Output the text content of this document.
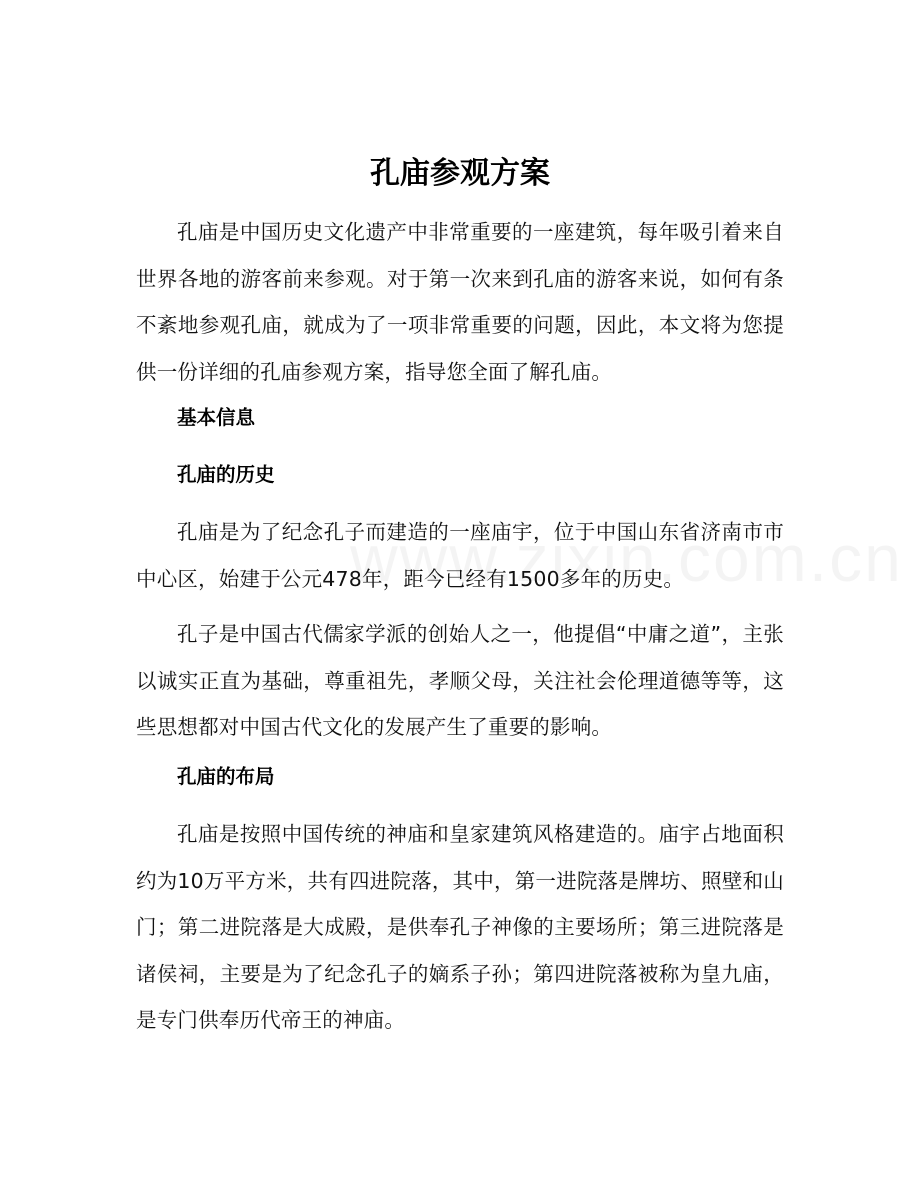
孔庙参观方案

孔庙是中国历史文化遗产中非常重要的一座建筑，每年吸引着来自世界各地的游客前来参观。对于第一次来到孔庙的游客来说，如何有条不紊地参观孔庙，就成为了一项非常重要的问题，因此，本文将为您提供一份详细的孔庙参观方案，指导您全面了解孔庙。

基本信息
孔庙的历史

孔庙是为了纪念孔子而建造的一座庙宇，位于中国山东省济南市市中心区，始建于公元478年，距今已经有1500多年的历史。

孔子是中国古代儒家学派的创始人之一，他提倡“中庸之道”，主张以诚实正直为基础，尊重祖先，孝顺父母，关注社会伦理道德等等，这些思想都对中国古代文化的发展产生了重要的影响。

孔庙的布局

孔庙是按照中国传统的神庙和皇家建筑风格建造的。庙宇占地面积约为10万平方米，共有四进院落，其中，第一进院落是牌坊、照壁和山门；第二进院落是大成殿，是供奉孔子神像的主要场所；第三进院落是诸侯祠，主要是为了纪念孔子的嫡系子孙；第四进院落被称为皇九庙，是专门供奉历代帝王的神庙。
